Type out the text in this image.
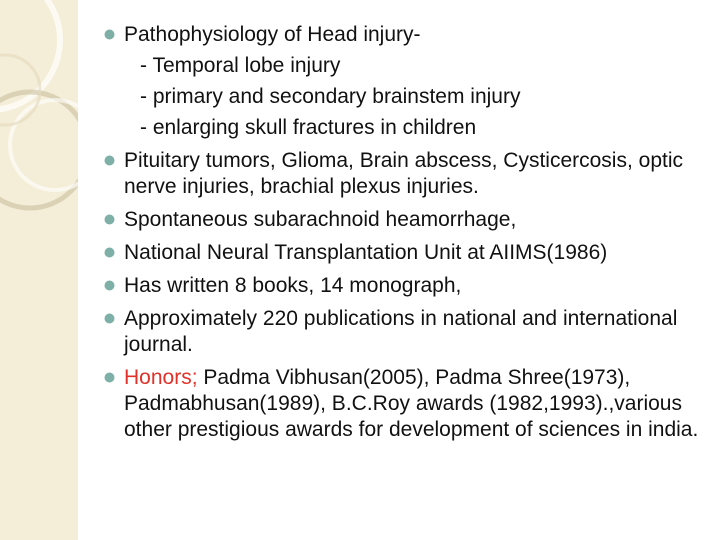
Pathophysiology of Head injury-
- Temporal lobe injury
- primary and secondary brainstem injury
- enlarging skull fractures in children
Pituitary tumors, Glioma, Brain abscess, Cysticercosis, optic nerve injuries, brachial plexus injuries.
Spontaneous subarachnoid heamorrhage,
National Neural Transplantation Unit at AIIMS(1986)
Has written 8 books, 14 monograph,
Approximately 220 publications in national and international journal.
Honors; Padma Vibhusan(2005), Padma Shree(1973), Padmabhusan(1989), B.C.Roy awards (1982,1993).,various other prestigious awards for development of sciences in india.
